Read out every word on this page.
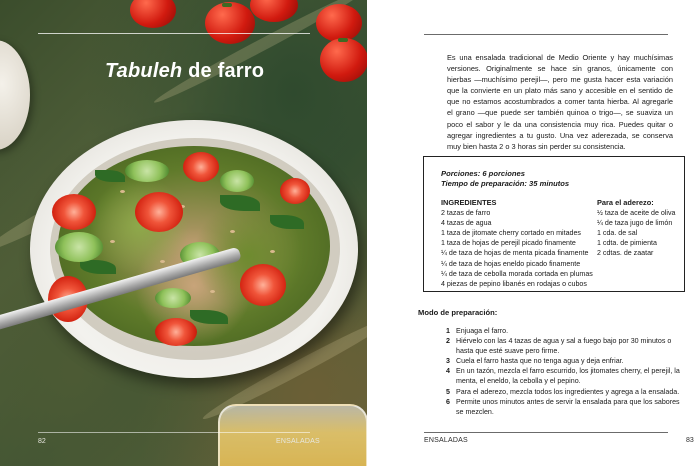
Tabuleh de farro
82	ENSALADAS

Es una ensalada tradicional de Medio Oriente y hay muchísimas versiones. Originalmente se hace sin granos, únicamente con hierbas —muchísimo perejil—, pero me gusta hacer esta variación que la convierte en un plato más sano y accesible en el sentido de que no estamos acostumbrados a comer tanta hierba. Al agregarle el grano —que puede ser también quinoa o trigo—, se suaviza un poco el sabor y le da una consistencia muy rica. Puedes quitar o agregar ingredientes a tu gusto. Una vez aderezada, se conserva muy bien hasta 2 o 3 horas sin perder su consistencia.

Porciones: 6 porciones
Tiempo de preparación: 35 minutos
INGREDIENTES
2 tazas de farro
4 tazas de agua
1 taza de jitomate cherry cortado en mitades
1 taza de hojas de perejil picado finamente
¼ de taza de hojas de menta picada finamente
¼ de taza de hojas eneldo picado finamente
¼ de taza de cebolla morada cortada en plumas
4 piezas de pepino libanés en rodajas o cubos
Para el aderezo:
½ taza de aceite de oliva
¼ de taza jugo de limón
1 cda. de sal
1 cdta. de pimienta
2 cdtas. de zaatar
ENSALADAS	83
Modo de preparación:
1 Enjuaga el farro.
2 Hiérvelo con las 4 tazas de agua y sal a fuego bajo por 30 minutos o hasta que esté suave pero firme.
3 Cuela el farro hasta que no tenga agua y deja enfriar.
4 En un tazón, mezcla el farro escurrido, los jitomates cherry, el perejil, la menta, el eneldo, la cebolla y el pepino.
5 Para el aderezo, mezcla todos los ingredientes y agrega a la ensalada.
6 Permite unos minutos antes de servir la ensalada para que los sabores se mezclen.
